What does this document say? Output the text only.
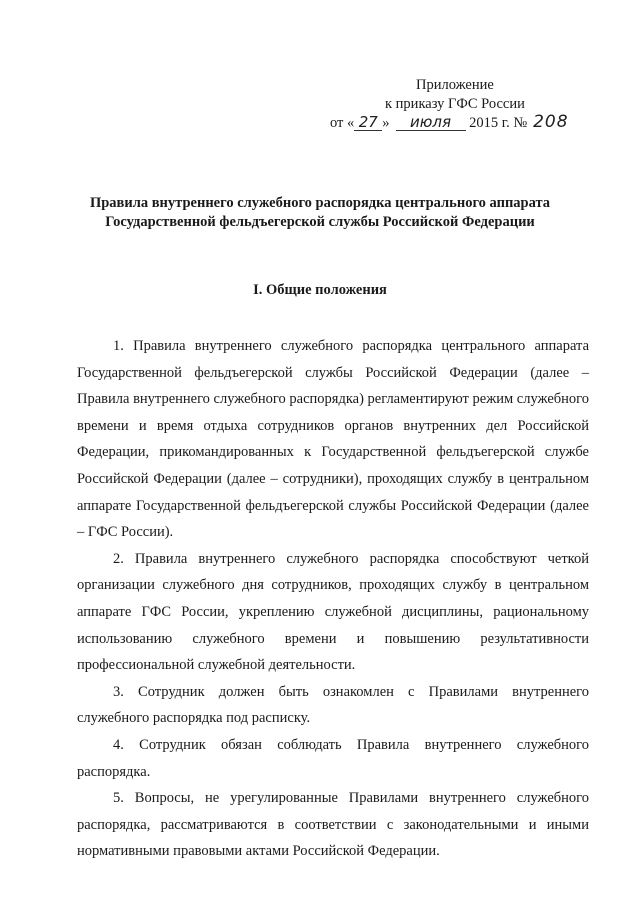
Приложение
к приказу ГФС России
от « 27 » июля 2015 г. № 208
Правила внутреннего служебного распорядка центрального аппарата
Государственной фельдъегерской службы Российской Федерации
I. Общие положения

1. Правила внутреннего служебного распорядка центрального аппарата Государственной фельдъегерской службы Российской Федерации (далее – Правила внутреннего служебного распорядка) регламентируют режим служебного времени и время отдыха сотрудников органов внутренних дел Российской Федерации, прикомандированных к Государственной фельдъегерской службе Российской Федерации (далее – сотрудники), проходящих службу в центральном аппарате Государственной фельдъегерской службы Российской Федерации (далее – ГФС России).

2. Правила внутреннего служебного распорядка способствуют четкой организации служебного дня сотрудников, проходящих службу в центральном аппарате ГФС России, укреплению служебной дисциплины, рациональному использованию служебного времени и повышению результативности профессиональной служебной деятельности.

3. Сотрудник должен быть ознакомлен с Правилами внутреннего служебного распорядка под расписку.

4. Сотрудник обязан соблюдать Правила внутреннего служебного распорядка.

5. Вопросы, не урегулированные Правилами внутреннего служебного распорядка, рассматриваются в соответствии с законодательными и иными нормативными правовыми актами Российской Федерации.
